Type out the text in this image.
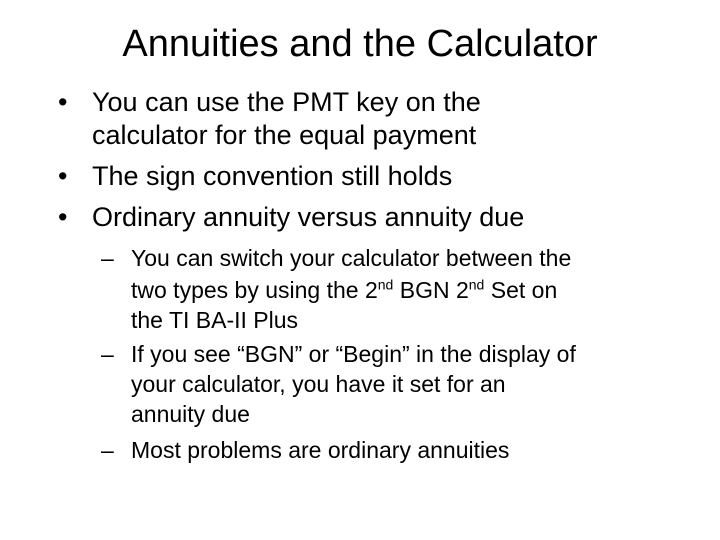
Annuities and the Calculator
• You can use the PMT key on the
calculator for the equal payment
• The sign convention still holds
• Ordinary annuity versus annuity due
– You can switch your calculator between the
two types by using the 2nd BGN 2nd Set on
the TI BA-II Plus
– If you see “BGN” or “Begin” in the display of
your calculator, you have it set for an
annuity due
– Most problems are ordinary annuities
